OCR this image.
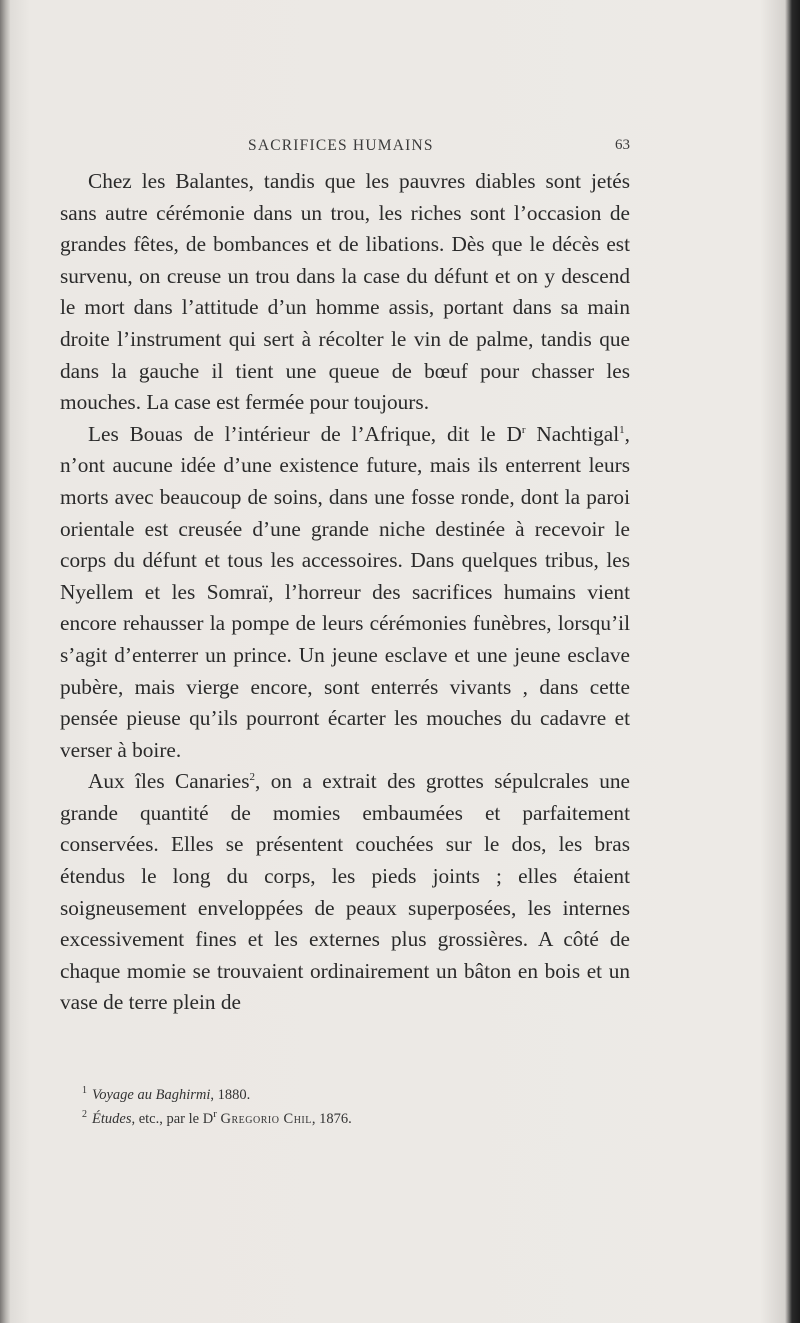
SACRIFICES HUMAINS	63

Chez les Balantes, tandis que les pauvres diables sont jetés sans autre cérémonie dans un trou, les riches sont l’occasion de grandes fêtes, de bombances et de libations. Dès que le décès est survenu, on creuse un trou dans la case du défunt et on y descend le mort dans l’attitude d’un homme assis, portant dans sa main droite l’instrument qui sert à récolter le vin de palme, tandis que dans la gauche il tient une queue de bœuf pour chasser les mouches. La case est fermée pour toujours.

Les Bouas de l’intérieur de l’Afrique, dit le $D^r$ Nachtigal$^1$, n’ont aucune idée d’une existence future, mais ils enterrent leurs morts avec beaucoup de soins, dans une fosse ronde, dont la paroi orientale est creusée d’une grande niche destinée à recevoir le corps du défunt et tous les accessoires. Dans quelques tribus, les Nyellem et les Somraï, l’horreur des sacrifices humains vient encore rehausser la pompe de leurs cérémonies funèbres, lorsqu’il s’agit d’enterrer un prince. Un jeune esclave et une jeune esclave pubère, mais vierge encore, sont enterrés vivants , dans cette pensée pieuse qu’ils pourront écarter les mouches du cadavre et verser à boire.

Aux îles Canaries$^2$, on a extrait des grottes sépulcrales une grande quantité de momies embaumées et parfaitement conservées. Elles se présentent couchées sur le dos, les bras étendus le long du corps, les pieds joints ; elles étaient soigneusement enveloppées de peaux superposées, les internes excessivement fines et les externes plus grossières. A côté de chaque momie se trouvaient ordinairement un bâton en bois et un vase de terre plein de

$^1$ Voyage au Baghirmi, 1880.

$^2$ Études, etc., par le $D^r$ Gregorio Chil, 1876.
